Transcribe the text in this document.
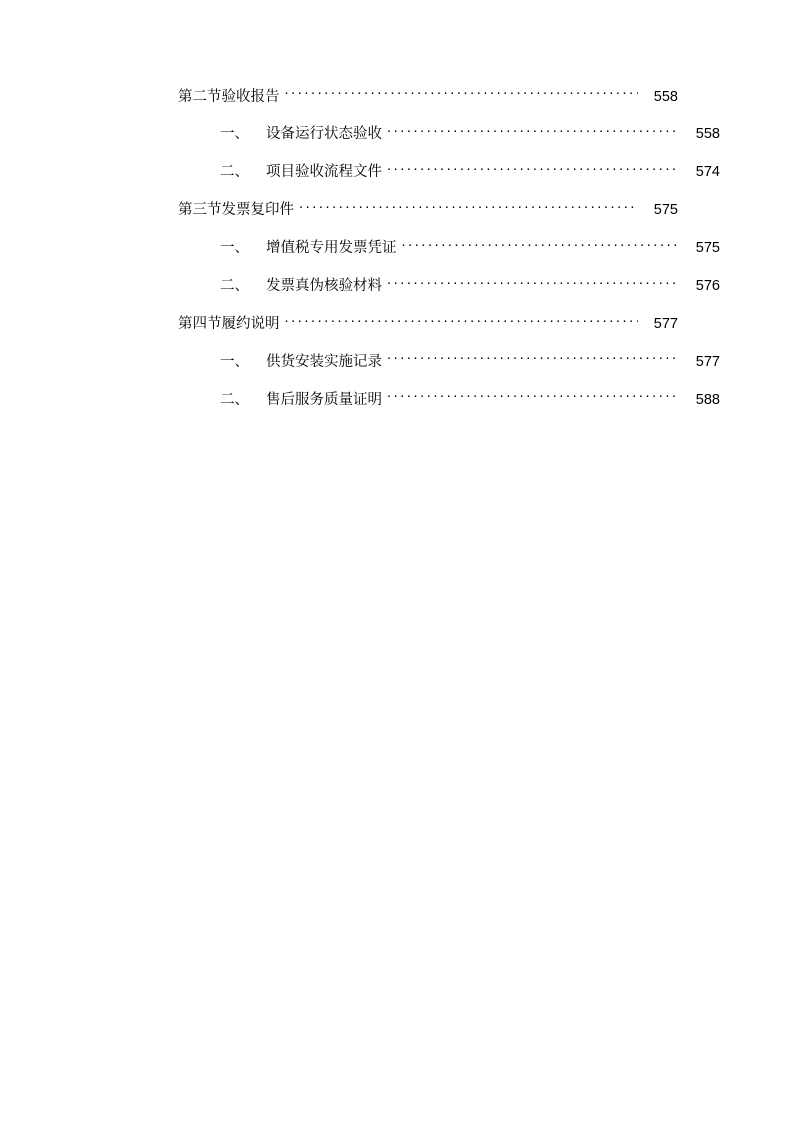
第二节 验收报告 .....	558
一、	设备运行状态验收 .....	558
二、	项目验收流程文件 .....	574
第三节 发票复印件 .....	575
一、	增值税专用发票凭证 .....	575
二、	发票真伪核验材料 .....	576
第四节 履约说明 .....	577
一、	供货安装实施记录 .....	577
二、	售后服务质量证明 .....	588
